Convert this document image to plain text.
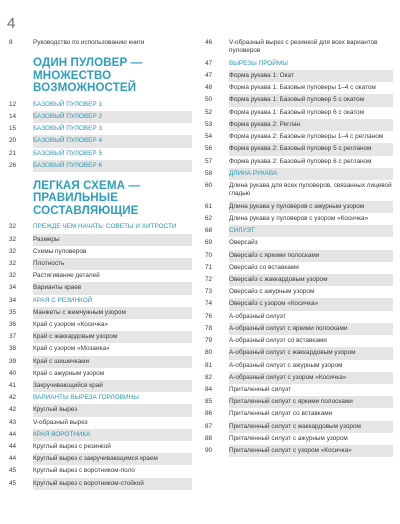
4
8	Руководство по использованию книги
ОДИН ПУЛОВЕР —
МНОЖЕСТВО ВОЗМОЖНОСТЕЙ
12	БАЗОВЫЙ ПУЛОВЕР 1
14	БАЗОВЫЙ ПУЛОВЕР 2
15	БАЗОВЫЙ ПУЛОВЕР 3
20	БАЗОВЫЙ ПУЛОВЕР 4
21	БАЗОВЫЙ ПУЛОВЕР 5
26	БАЗОВЫЙ ПУЛОВЕР 6
ЛЕГКАЯ СХЕМА —
ПРАВИЛЬНЫЕ СОСТАВЛЯЮЩИЕ
32	ПРЕЖДЕ ЧЕМ НАЧАТЬ: СОВЕТЫ И ХИТРОСТИ
32	Размеры
32	Схемы пуловеров
32	Плотность
32	Растягивание деталей
34	Варианты краев
34	КРАЯ С РЕЗИНКОЙ
35	Манжеты с жемчужным узором
36	Край с узором «Косичка»
37	Край с жаккардовым узором
38	Край с узором «Мозаика»
39	Край с шишечками
40	Край с ажурным узором
41	Закручивающийся край
42	ВАРИАНТЫ ВЫРЕЗА ГОРЛОВИНЫ
42	Круглый вырез
43	V-образный вырез
44	КРАЯ ВОРОТНИКА
44	Круглый вырез с резинкой
44	Круглый вырез с закручивающимся краем
45	Круглый вырез с воротником-поло
45	Круглый вырез с воротником-стойкой
46	V-образный вырез с резинкой для всех вариантов пуловеров
47	ВЫРЕЗЫ ПРОЙМЫ
47	Форма рукава 1: Окат
48	Форма рукава 1: Базовые пуловеры 1–4 с окатом
50	Форма рукава 1: Базовый пуловер 5 с окатом
52	Форма рукава 1: Базовый пуловер 6 с окатом
53	Форма рукава 2: Реглан
54	Форма рукава 2: Базовые пуловеры 1–4 с регланом
56	Форма рукава 2: Базовый пуловер 5 с регланом
57	Форма рукава 2: Базовый пуловер 6 с регланом
58	ДЛИНА РУКАВА
60	Длина рукава для всех пуловеров, связанных лицевой гладью
61	Длина рукава у пуловеров с ажурным узором
62	Длина рукава у пуловеров с узором «Косичка»
68	СИЛУЭТ
69	Оверсайз
70	Оверсайз с яркими полосками
71	Оверсайз со вставками
72	Оверсайз с жаккардовым узором
73	Оверсайз с ажурным узором
74	Оверсайз с узором «Косичка»
76	А-образный силуэт
78	А-образный силуэт с яркими полосками
79	А-образный силуэт со вставками
80	А-образный силуэт с жаккардовым узором
81	А-образный силуэт с ажурным узором
82	А-образный силуэт с узором «Косичка»
84	Приталенный силуэт
85	Приталенный силуэт с яркими полосками
86	Приталенный силуэт со вставками
87	Приталенный силуэт с жаккардовым узором
88	Приталенный силуэт с ажурным узором
90	Приталенный силуэт с узором «Косичка»
